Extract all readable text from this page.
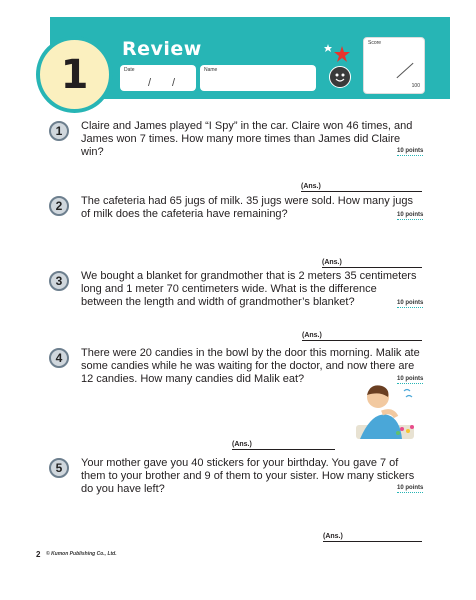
1
Review
Date
/ /
Name
Score
100
1	Claire and James played “I Spy” in the car. Claire won 46 times, and James won 7 times. How many more times than James did Claire win?	10 points
(Ans.)
2	The cafeteria had 65 jugs of milk. 35 jugs were sold. How many jugs of milk does the cafeteria have remaining?	10 points
(Ans.)
3	We bought a blanket for grandmother that is 2 meters 35 centimeters long and 1 meter 70 centimeters wide. What is the difference between the length and width of grandmother’s blanket?	10 points
(Ans.)
4	There were 20 candies in the bowl by the door this morning. Malik ate some candies while he was waiting for the doctor, and now there are 12 candies. How many candies did Malik eat?	10 points
(Ans.)
5	Your mother gave you 40 stickers for your birthday. You gave 7 of them to your brother and 9 of them to your sister. How many stickers do you have left?	10 points
(Ans.)
2 © Kumon Publishing Co., Ltd.
